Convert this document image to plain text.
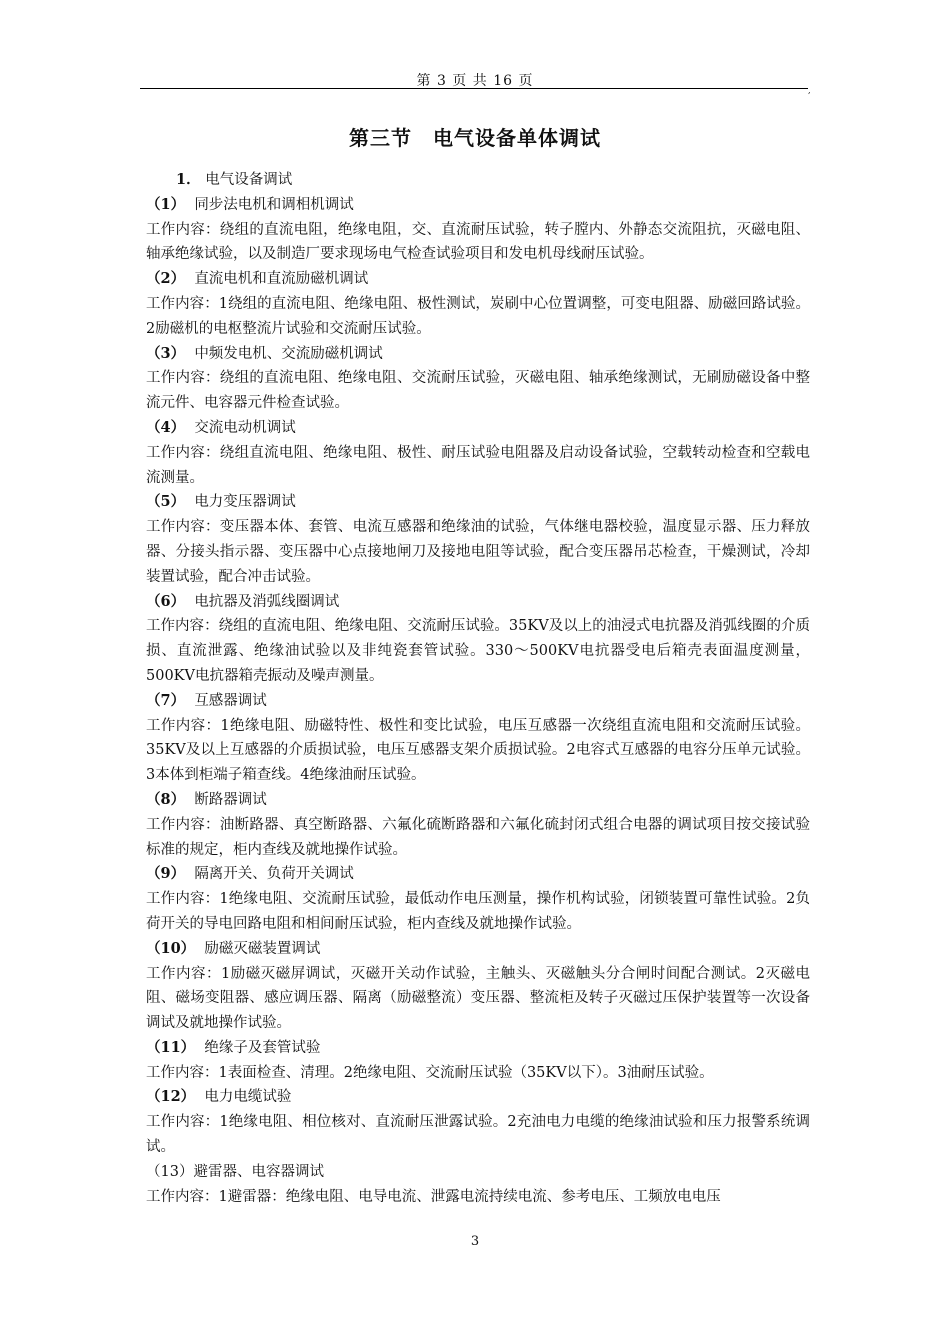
第 3 页 共 16 页
,
第三节　电气设备单体调试

1． 电气设备调试

（1） 同步法电机和调相机调试

工作内容：绕组的直流电阻，绝缘电阻，交、直流耐压试验，转子膛内、外静态交流阻抗，灭磁电阻、轴承绝缘试验，以及制造厂要求现场电气检查试验项目和发电机母线耐压试验。

（2） 直流电机和直流励磁机调试

工作内容：1绕组的直流电阻、绝缘电阻、极性测试，炭刷中心位置调整，可变电阻器、励磁回路试验。2励磁机的电枢整流片试验和交流耐压试验。

（3） 中频发电机、交流励磁机调试

工作内容：绕组的直流电阻、绝缘电阻、交流耐压试验，灭磁电阻、轴承绝缘测试，无刷励磁设备中整流元件、电容器元件检查试验。

（4） 交流电动机调试

工作内容：绕组直流电阻、绝缘电阻、极性、耐压试验电阻器及启动设备试验，空载转动检查和空载电流测量。

（5） 电力变压器调试

工作内容：变压器本体、套管、电流互感器和绝缘油的试验，气体继电器校验，温度显示器、压力释放器、分接头指示器、变压器中心点接地闸刀及接地电阻等试验，配合变压器吊芯检查，干燥测试，冷却装置试验，配合冲击试验。

（6） 电抗器及消弧线圈调试

工作内容：绕组的直流电阻、绝缘电阻、交流耐压试验。35KV及以上的油浸式电抗器及消弧线圈的介质损、直流泄露、绝缘油试验以及非纯瓷套管试验。330～500KV电抗器受电后箱壳表面温度测量，500KV电抗器箱壳振动及噪声测量。

（7） 互感器调试

工作内容：1绝缘电阻、励磁特性、极性和变比试验，电压互感器一次绕组直流电阻和交流耐压试验。35KV及以上互感器的介质损试验，电压互感器支架介质损试验。2电容式互感器的电容分压单元试验。3本体到柜端子箱查线。4绝缘油耐压试验。

（8） 断路器调试

工作内容：油断路器、真空断路器、六氟化硫断路器和六氟化硫封闭式组合电器的调试项目按交接试验标准的规定，柜内查线及就地操作试验。

（9） 隔离开关、负荷开关调试

工作内容：1绝缘电阻、交流耐压试验，最低动作电压测量，操作机构试验，闭锁装置可靠性试验。2负荷开关的导电回路电阻和相间耐压试验，柜内查线及就地操作试验。

（10） 励磁灭磁装置调试

工作内容：1励磁灭磁屏调试，灭磁开关动作试验，主触头、灭磁触头分合闸时间配合测试。2灭磁电阻、磁场变阻器、感应调压器、隔离（励磁整流）变压器、整流柜及转子灭磁过压保护装置等一次设备调试及就地操作试验。

（11） 绝缘子及套管试验

工作内容：1表面检查、清理。2绝缘电阻、交流耐压试验（35KV以下）。3油耐压试验。

（12） 电力电缆试验

工作内容：1绝缘电阻、相位核对、直流耐压泄露试验。2充油电力电缆的绝缘油试验和压力报警系统调试。

（13）避雷器、电容器调试

工作内容：1避雷器：绝缘电阻、电导电流、泄露电流持续电流、参考电压、工频放电电压

3
